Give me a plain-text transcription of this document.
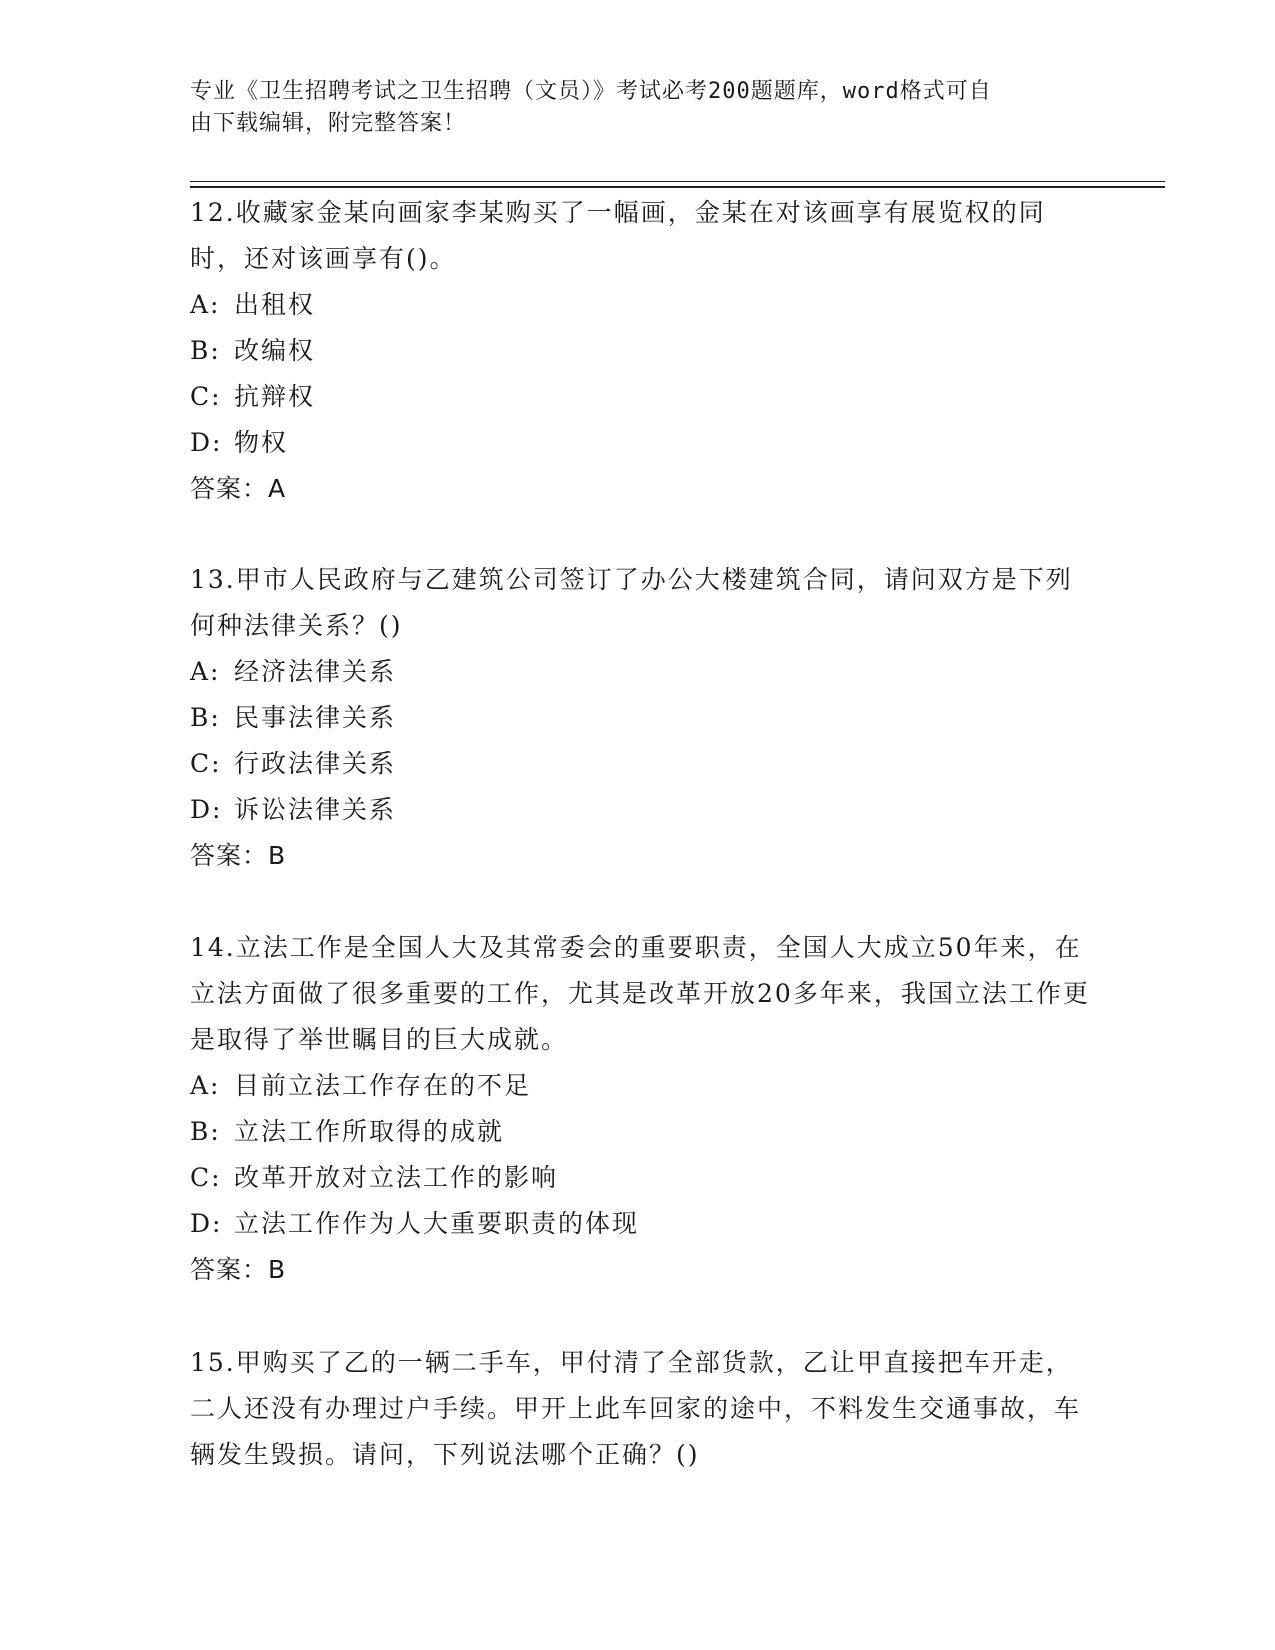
专业《卫生招聘考试之卫生招聘（文员）》考试必考200题题库，word格式可自
由下载编辑，附完整答案！

12.收藏家金某向画家李某购买了一幅画，金某在对该画享有展览权的同时，还对该画享有()。

A: 出租权

B: 改编权

C: 抗辩权

D: 物权

答案：A

13.甲市人民政府与乙建筑公司签订了办公大楼建筑合同，请问双方是下列何种法律关系？()

A: 经济法律关系

B: 民事法律关系

C: 行政法律关系

D: 诉讼法律关系

答案：B

14.立法工作是全国人大及其常委会的重要职责，全国人大成立50年来，在立法方面做了很多重要的工作，尤其是改革开放20多年来，我国立法工作更是取得了举世瞩目的巨大成就。

A: 目前立法工作存在的不足

B: 立法工作所取得的成就

C: 改革开放对立法工作的影响

D: 立法工作作为人大重要职责的体现

答案：B

15.甲购买了乙的一辆二手车，甲付清了全部货款，乙让甲直接把车开走，二人还没有办理过户手续。甲开上此车回家的途中，不料发生交通事故，车辆发生毁损。请问，下列说法哪个正确？()
